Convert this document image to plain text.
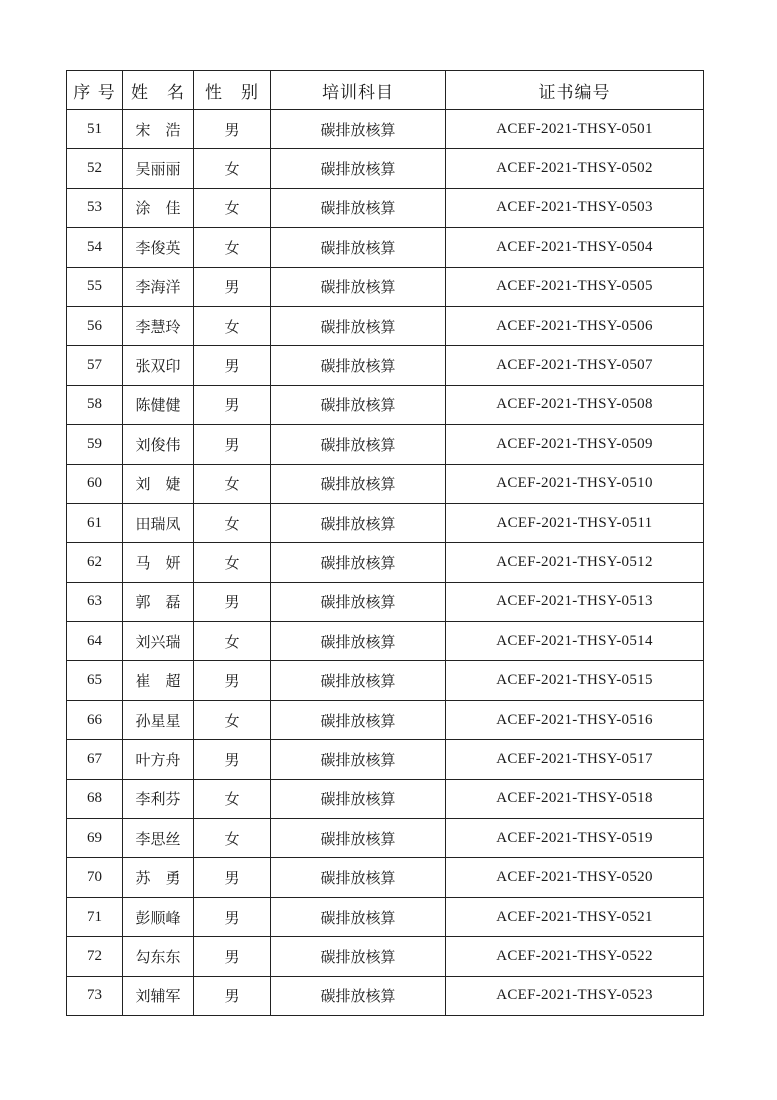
序 号	姓　名	性　别	培训科目	证书编号
51	宋　浩	男	碳排放核算	ACEF-2021-THSY-0501
52	吴丽丽	女	碳排放核算	ACEF-2021-THSY-0502
53	涂　佳	女	碳排放核算	ACEF-2021-THSY-0503
54	李俊英	女	碳排放核算	ACEF-2021-THSY-0504
55	李海洋	男	碳排放核算	ACEF-2021-THSY-0505
56	李慧玲	女	碳排放核算	ACEF-2021-THSY-0506
57	张双印	男	碳排放核算	ACEF-2021-THSY-0507
58	陈健健	男	碳排放核算	ACEF-2021-THSY-0508
59	刘俊伟	男	碳排放核算	ACEF-2021-THSY-0509
60	刘　婕	女	碳排放核算	ACEF-2021-THSY-0510
61	田瑞凤	女	碳排放核算	ACEF-2021-THSY-0511
62	马　妍	女	碳排放核算	ACEF-2021-THSY-0512
63	郭　磊	男	碳排放核算	ACEF-2021-THSY-0513
64	刘兴瑞	女	碳排放核算	ACEF-2021-THSY-0514
65	崔　超	男	碳排放核算	ACEF-2021-THSY-0515
66	孙星星	女	碳排放核算	ACEF-2021-THSY-0516
67	叶方舟	男	碳排放核算	ACEF-2021-THSY-0517
68	李利芬	女	碳排放核算	ACEF-2021-THSY-0518
69	李思丝	女	碳排放核算	ACEF-2021-THSY-0519
70	苏　勇	男	碳排放核算	ACEF-2021-THSY-0520
71	彭顺峰	男	碳排放核算	ACEF-2021-THSY-0521
72	勾东东	男	碳排放核算	ACEF-2021-THSY-0522
73	刘辅军	男	碳排放核算	ACEF-2021-THSY-0523
